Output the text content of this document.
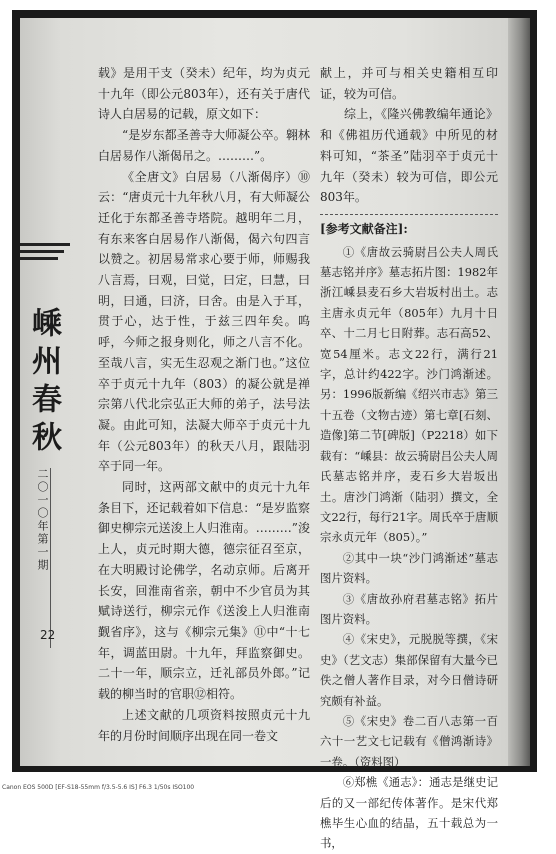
嵊州春秋
二〇一〇年第一期
22

载》是用干支（癸未）纪年，均为贞元十九年（即公元803年），还有关于唐代诗人白居易的记载，原文如下：

“是岁东都圣善寺大师凝公卒。翱林白居易作八渐偈吊之。………”。

《全唐文》白居易（八渐偈序）⑩云：“唐贞元十九年秋八月，有大师凝公迁化于东都圣善寺塔院。越明年二月，有东来客白居易作八渐偈，偈六句四言以赞之。初居易常求心要于师，师赐我八言焉，曰观，曰觉，曰定，曰慧，曰明，曰通，曰济，曰舍。由是入于耳，贯于心，达于性，于兹三四年矣。呜呼，今师之报身则化，师之八言不化。至哉八言，实无生忍观之渐门也。”这位卒于贞元十九年（803）的凝公就是禅宗第八代北宗弘正大师的弟子，法号法凝。由此可知，法凝大师卒于贞元十九年（公元803年）的秋天八月，跟陆羽卒于同一年。

同时，这两部文献中的贞元十九年条目下，还记载着如下信息：“是岁监察御史柳宗元送浚上人归淮南。………”浚上人，贞元时期大德，德宗征召至京，在大明殿讨论佛学，名动京师。后离开长安，回淮南省亲，朝中不少官员为其赋诗送行，柳宗元作《送浚上人归淮南觐省序》，这与《柳宗元集》⑪中“十七年，调蓝田尉。十九年，拜监察御史。二十一年，顺宗立，迁礼部员外郎。”记载的柳当时的官职⑫相符。

上述文献的几项资料按照贞元十九年的月份时间顺序出现在同一卷文

献上，并可与相关史籍相互印证，较为可信。

综上，《隆兴佛教编年通论》和《佛祖历代通载》中所见的材料可知，“茶圣”陆羽卒于贞元十九年（癸未）较为可信，即公元803年。

[参考文献备注]:

①《唐故云骑尉吕公夫人周氏墓志铭并序》墓志拓片图：1982年浙江嵊县麦石乡大岩坂村出土。志主唐永贞元年（805年）九月十日卒、十二月七日附葬。志石高52、宽54厘米。志文22行，满行21字，总计约422字。沙门鸿渐述。另：1996版新编《绍兴市志》第三十五卷（文物古迹）第七章[石刻、造像]第二节[碑版]（P2218）如下载有：“嵊县：故云骑尉吕公夫人周氏墓志铭并序，麦石乡大岩坂出土。唐沙门鸿渐（陆羽）撰文，全文22行，每行21字。周氏卒于唐顺宗永贞元年（805）。”

②其中一块“沙门鸿渐述”墓志图片资料。

③《唐故孙府君墓志铭》拓片图片资料。

④《宋史》，元脱脱等撰，《宋史》（艺文志）集部保留有大量今已佚之僧人著作目录，对今日僧诗研究颇有补益。

⑤《宋史》卷二百八志第一百六十一艺文七记载有《僧鸿渐诗》一卷。（资料图）

⑥郑樵《通志》：通志是继史记后的又一部纪传体著作。是宋代郑樵毕生心血的结晶，五十载总为一书，

Canon EOS 500D [EF-S18-55mm f/3.5-5.6 IS] F6.3 1/50s ISO100
